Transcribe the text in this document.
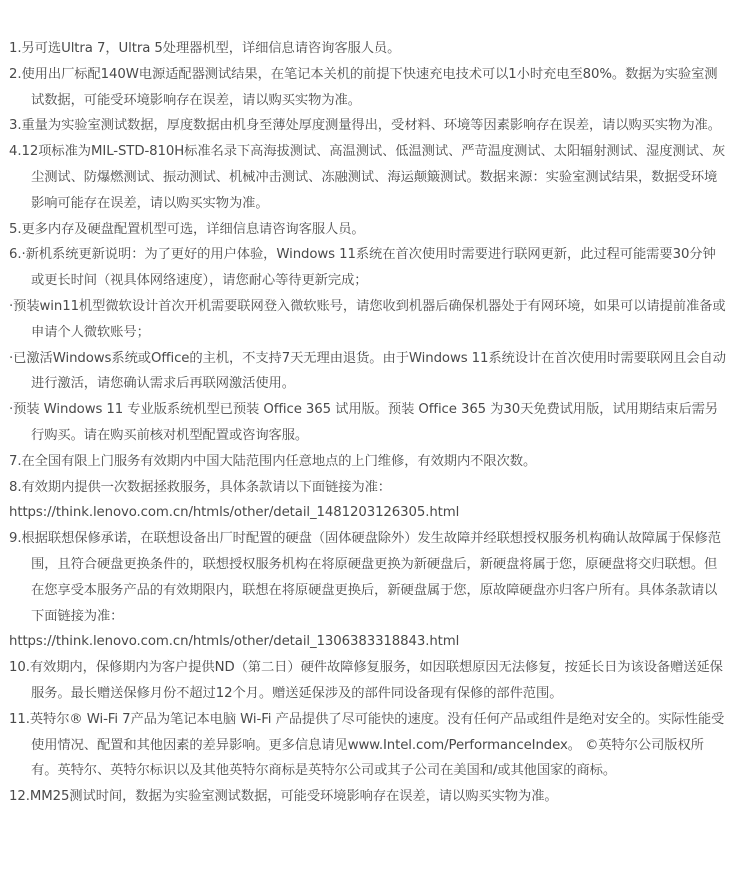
1.另可选Ultra 7，Ultra 5处理器机型，详细信息请咨询客服人员。

2.使用出厂标配140W电源适配器测试结果，在笔记本关机的前提下快速充电技术可以1小时充电至80%。数据为实验室测试数据，可能受环境影响存在误差，请以购买实物为准。

3.重量为实验室测试数据，厚度数据由机身至薄处厚度测量得出，受材料、环境等因素影响存在误差，请以购买实物为准。

4.12项标准为MIL-STD-810H标准名录下高海拔测试、高温测试、低温测试、严苛温度测试、太阳辐射测试、湿度测试、灰尘测试、防爆燃测试、振动测试、机械冲击测试、冻融测试、海运颠簸测试。数据来源：实验室测试结果，数据受环境影响可能存在误差，请以购买实物为准。

5.更多内存及硬盘配置机型可选，详细信息请咨询客服人员。

6.·新机系统更新说明：为了更好的用户体验，Windows 11系统在首次使用时需要进行联网更新，此过程可能需要30分钟或更长时间（视具体网络速度），请您耐心等待更新完成；

·预装win11机型微软设计首次开机需要联网登入微软账号，请您收到机器后确保机器处于有网环境，如果可以请提前准备或申请个人微软账号；

·已激活Windows系统或Office的主机，不支持7天无理由退货。由于Windows 11系统设计在首次使用时需要联网且会自动进行激活，请您确认需求后再联网激活使用。

·预装 Windows 11 专业版系统机型已预装 Office 365 试用版。预装 Office 365 为30天免费试用版，试用期结束后需另行购买。请在购买前核对机型配置或咨询客服。

7.在全国有限上门服务有效期内中国大陆范围内任意地点的上门维修，有效期内不限次数。

8.有效期内提供一次数据拯救服务，具体条款请以下面链接为准：

https://think.lenovo.com.cn/htmls/other/detail_1481203126305.html

9.根据联想保修承诺，在联想设备出厂时配置的硬盘（固体硬盘除外）发生故障并经联想授权服务机构确认故障属于保修范围，且符合硬盘更换条件的，联想授权服务机构在将原硬盘更换为新硬盘后，新硬盘将属于您，原硬盘将交归联想。但在您享受本服务产品的有效期限内，联想在将原硬盘更换后，新硬盘属于您，原故障硬盘亦归客户所有。具体条款请以下面链接为准：

https://think.lenovo.com.cn/htmls/other/detail_1306383318843.html

10.有效期内，保修期内为客户提供ND（第二日）硬件故障修复服务，如因联想原因无法修复，按延长日为该设备赠送延保服务。最长赠送保修月份不超过12个月。赠送延保涉及的部件同设备现有保修的部件范围。

11.英特尔® Wi-Fi 7产品为笔记本电脑 Wi-Fi 产品提供了尽可能快的速度。没有任何产品或组件是绝对安全的。实际性能受使用情况、配置和其他因素的差异影响。更多信息请见www.Intel.com/PerformanceIndex。 ©英特尔公司版权所有。英特尔、英特尔标识以及其他英特尔商标是英特尔公司或其子公司在美国和/或其他国家的商标。

12.MM25测试时间，数据为实验室测试数据，可能受环境影响存在误差，请以购买实物为准。
